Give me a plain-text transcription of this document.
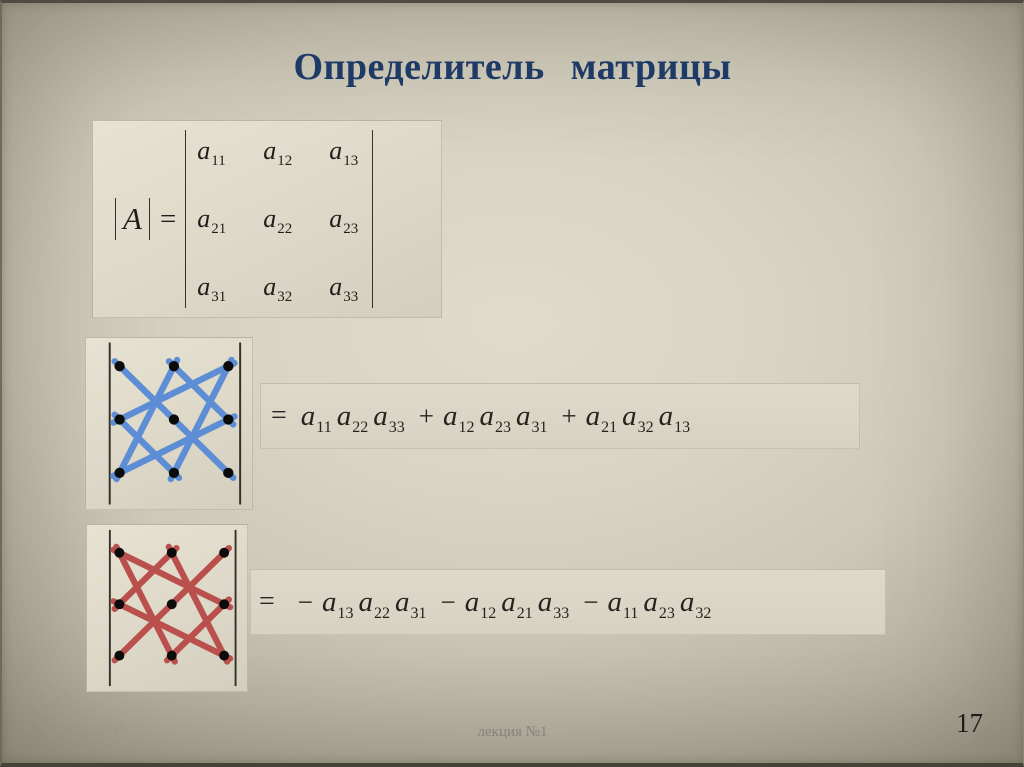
Определитель матрицы
A =
$a_{11}$ $a_{12}$ $a_{13}$
$a_{21}$ $a_{22}$ $a_{23}$
$a_{31}$ $a_{32}$ $a_{33}$
= $a_{11}$ $a_{22}$ $a_{33} + a_{12}$ $a_{23}$ $a_{31} + a_{21}$ $a_{32}$ $a_{13}$
= − $a_{13}$ $a_{22}$ $a_{31} - a_{12}$ $a_{21}$ $a_{33} - a_{11}$ $a_{23}$ $a_{32}$
17.02.2015	лекция №1	17
